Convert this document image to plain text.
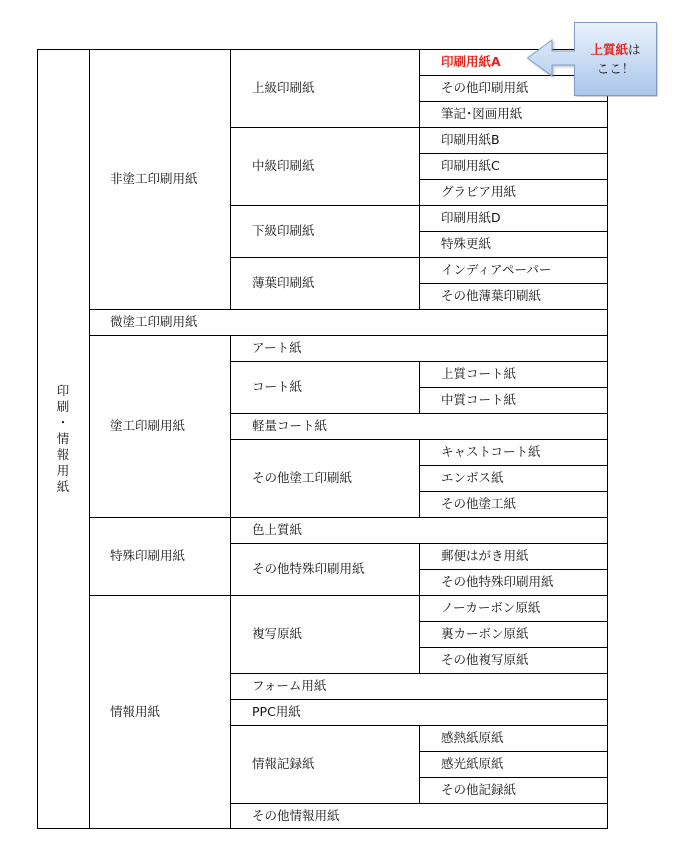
印
刷
・
情
報
用
紙
非塗工印刷用紙
微塗工印刷用紙
塗工印刷用紙
特殊印刷用紙
情報用紙
上級印刷紙
中級印刷紙
下級印刷紙
薄葉印刷紙
アート紙
コート紙
軽量コート紙
その他塗工印刷紙
色上質紙
その他特殊印刷用紙
複写原紙
フォーム用紙
PPC用紙
情報記録紙
その他情報用紙
印刷用紙A
その他印刷用紙
筆記･図画用紙
印刷用紙B
印刷用紙C
グラビア用紙
印刷用紙D
特殊更紙
インディアペーパー
その他薄葉印刷紙
上質コート紙
中質コート紙
キャストコート紙
エンボス紙
その他塗工紙
郵便はがき用紙
その他特殊印刷用紙
ノーカーボン原紙
裏カーボン原紙
その他複写原紙
感熱紙原紙
感光紙原紙
その他記録紙
上質紙は
ここ！
